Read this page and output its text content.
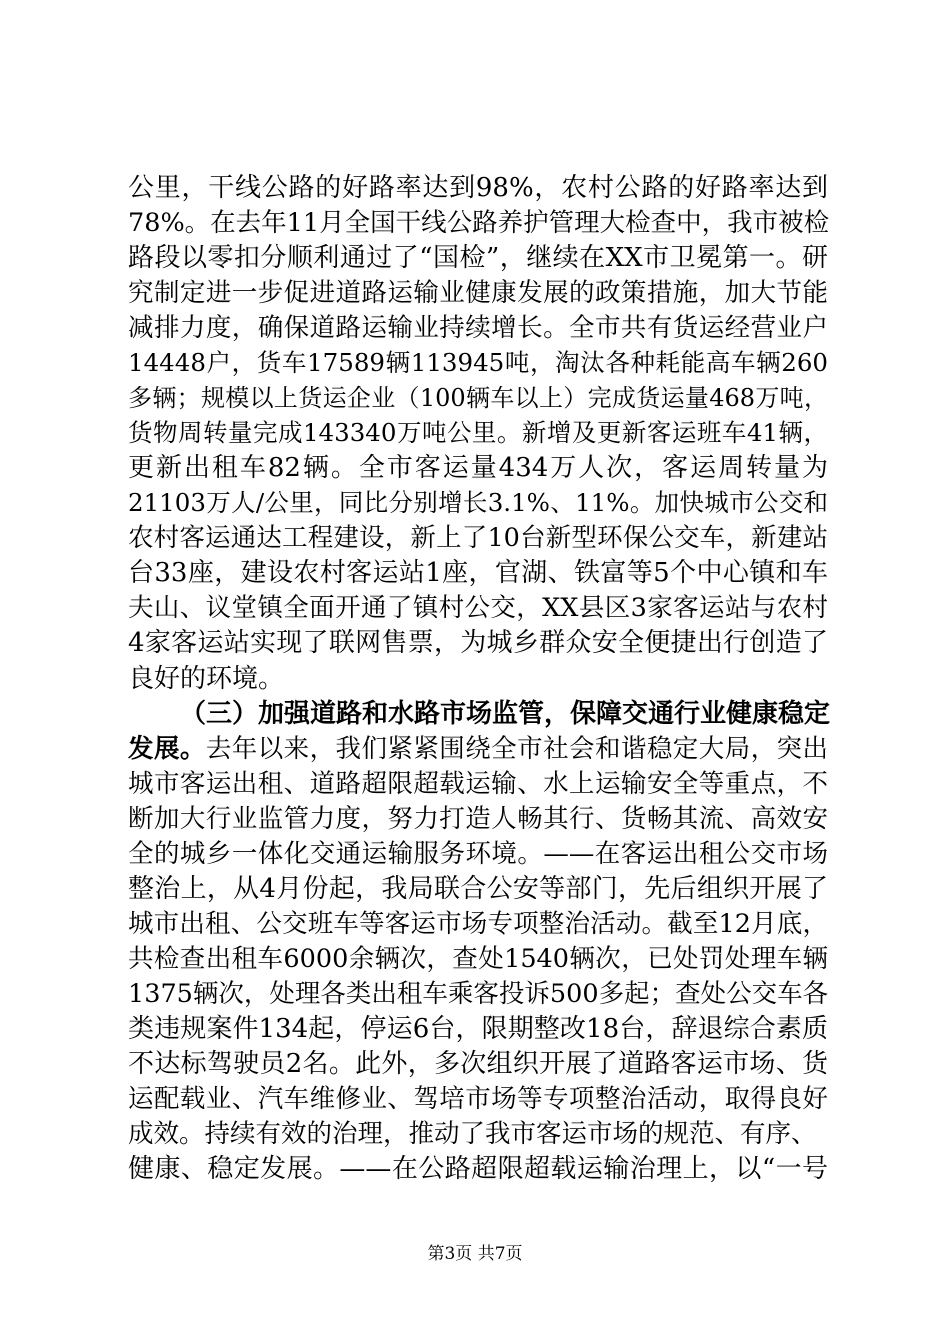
公里，干线公路的好路率达到98%，农村公路的好路率达到
78%。在去年11月全国干线公路养护管理大检查中，我市被检
路段以零扣分顺利通过了“国检”，继续在XX市卫冕第一。研
究制定进一步促进道路运输业健康发展的政策措施，加大节能
减排力度，确保道路运输业持续增长。全市共有货运经营业户
14448户，货车17589辆113945吨，淘汰各种耗能高车辆260
多辆；规模以上货运企业（100辆车以上）完成货运量468万吨，
货物周转量完成143340万吨公里。新增及更新客运班车41辆，
更新出租车82辆。全市客运量434万人次，客运周转量为
21103万人/公里，同比分别增长3.1%、11%。加快城市公交和
农村客运通达工程建设，新上了10台新型环保公交车，新建站
台33座，建设农村客运站1座，官湖、铁富等5个中心镇和车
夫山、议堂镇全面开通了镇村公交，XX县区3家客运站与农村
4家客运站实现了联网售票，为城乡群众安全便捷出行创造了
良好的环境。
（三）加强道路和水路市场监管，保障交通行业健康稳定
发展。去年以来，我们紧紧围绕全市社会和谐稳定大局，突出
城市客运出租、道路超限超载运输、水上运输安全等重点，不
断加大行业监管力度，努力打造人畅其行、货畅其流、高效安
全的城乡一体化交通运输服务环境。——在客运出租公交市场
整治上，从4月份起，我局联合公安等部门，先后组织开展了
城市出租、公交班车等客运市场专项整治活动。截至12月底，
共检查出租车6000余辆次，查处1540辆次，已处罚处理车辆
1375辆次，处理各类出租车乘客投诉500多起；查处公交车各
类违规案件134起，停运6台，限期整改18台，辞退综合素质
不达标驾驶员2名。此外，多次组织开展了道路客运市场、货
运配载业、汽车维修业、驾培市场等专项整治活动，取得良好
成效。持续有效的治理，推动了我市客运市场的规范、有序、
健康、稳定发展。——在公路超限超载运输治理上，以“一号
第3页 共7页
